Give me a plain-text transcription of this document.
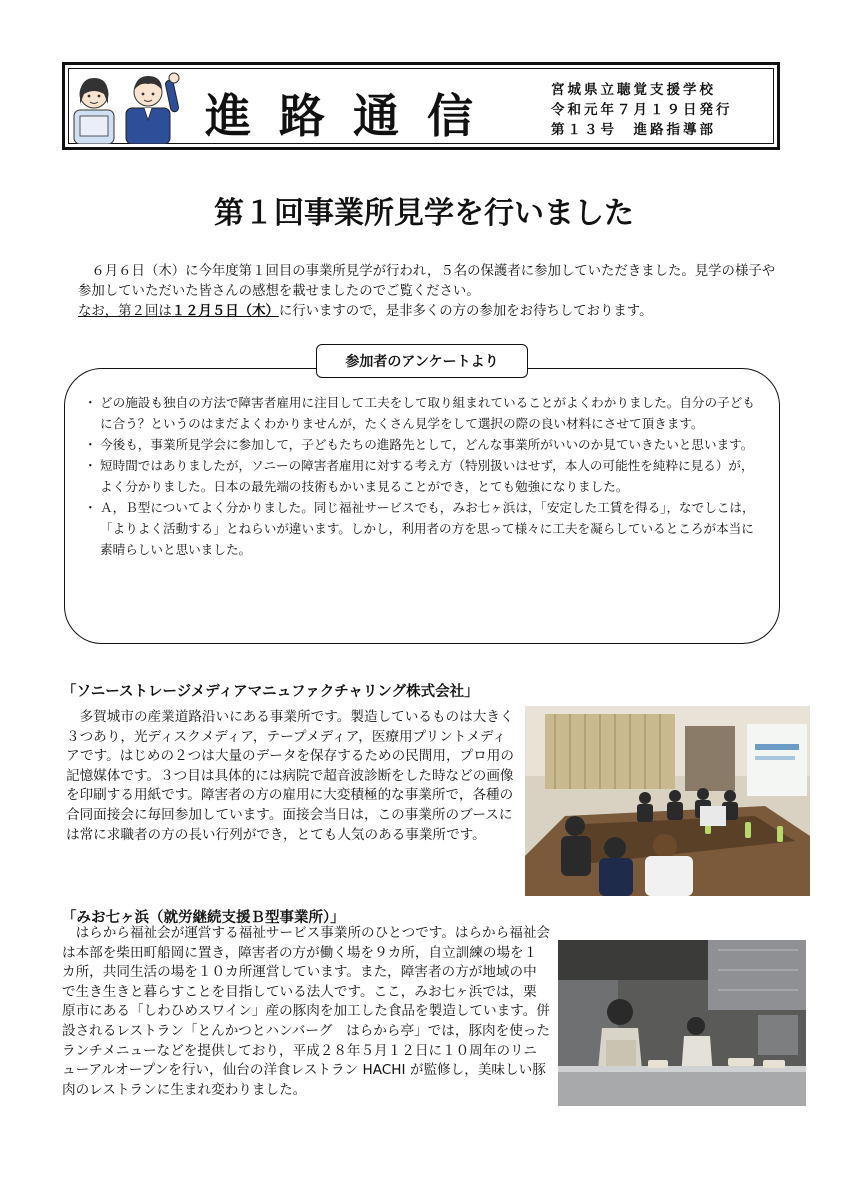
進路通信	宮城県立聴覚支援学校
令和元年７月１９日発行
第１３号　進路指導部
第１回事業所見学を行いました

　６月６日（木）に今年度第１回目の事業所見学が行われ，５名の保護者に参加していただきました。見学の様子や参加していただいた皆さんの感想を載せましたのでご覧ください。

なお，第２回は１２月５日（木）に行いますので，是非多くの方の参加をお待ちしております。

参加者のアンケートより
・ どの施設も独自の方法で障害者雇用に注目して工夫をして取り組まれていることがよくわかりました。自分の子どもに合う？というのはまだよくわかりませんが，たくさん見学をして選択の際の良い材料にさせて頂きます。
・ 今後も，事業所見学会に参加して，子どもたちの進路先として，どんな事業所がいいのか見ていきたいと思います。
・ 短時間ではありましたが，ソニーの障害者雇用に対する考え方（特別扱いはせず，本人の可能性を純粋に見る）が，よく分かりました。日本の最先端の技術もかいま見ることができ，とても勉強になりました。
・ Ａ，Ｂ型についてよく分かりました。同じ福祉サービスでも，みお七ヶ浜は，「安定した工賃を得る」，なでしこは，「よりよく活動する」とねらいが違います。しかし，利用者の方を思って様々に工夫を凝らしているところが本当に素晴らしいと思いました。
「ソニーストレージメディアマニュファクチャリング株式会社」

　多賀城市の産業道路沿いにある事業所です。製造しているものは大きく３つあり，光ディスクメディア，テープメディア，医療用プリントメディアです。はじめの２つは大量のデータを保存するための民間用，プロ用の記憶媒体です。３つ目は具体的には病院で超音波診断をした時などの画像を印刷する用紙です。障害者の方の雇用に大変積極的な事業所で，各種の合同面接会に毎回参加しています。面接会当日は，この事業所のブースには常に求職者の方の長い行列ができ，とても人気のある事業所です。

「みお七ヶ浜（就労継続支援Ｂ型事業所）」

　はらから福祉会が運営する福祉サービス事業所のひとつです。はらから福祉会は本部を柴田町船岡に置き，障害者の方が働く場を９カ所，自立訓練の場を１カ所，共同生活の場を１０カ所運営しています。また，障害者の方が地域の中で生き生きと暮らすことを目指している法人です。ここ，みお七ヶ浜では，栗原市にある「しわひめスワイン」産の豚肉を加工した食品を製造しています。併設されるレストラン「とんかつとハンバーグ　はらから亭」では，豚肉を使ったランチメニューなどを提供しており，平成２８年５月１２日に１０周年のリニューアルオープンを行い，仙台の洋食レストラン HACHI が監修し，美味しい豚肉のレストランに生まれ変わりました。
